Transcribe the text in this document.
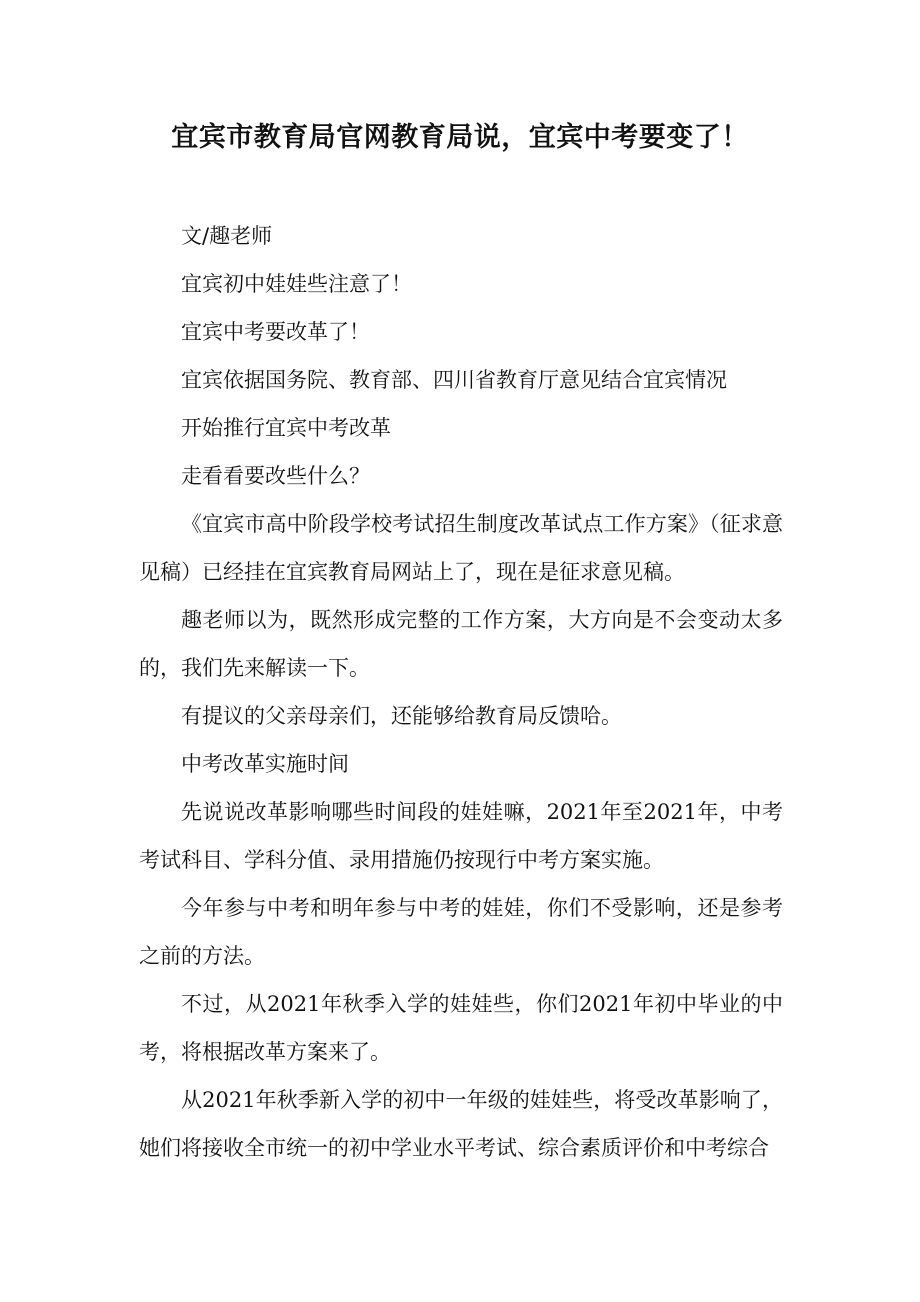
宜宾市教育局官网教育局说，宜宾中考要变了！

文/趣老师

宜宾初中娃娃些注意了！

宜宾中考要改革了！

宜宾依据国务院、教育部、四川省教育厅意见结合宜宾情况

开始推行宜宾中考改革

走看看要改些什么？

《宜宾市高中阶段学校考试招生制度改革试点工作方案》（征求意见稿）已经挂在宜宾教育局网站上了，现在是征求意见稿。

趣老师以为，既然形成完整的工作方案，大方向是不会变动太多的，我们先来解读一下。

有提议的父亲母亲们，还能够给教育局反馈哈。

中考改革实施时间

先说说改革影响哪些时间段的娃娃嘛，2021年至2021年，中考考试科目、学科分值、录用措施仍按现行中考方案实施。

今年参与中考和明年参与中考的娃娃，你们不受影响，还是参考之前的方法。

不过，从2021年秋季入学的娃娃些，你们2021年初中毕业的中考，将根据改革方案来了。

从2021年秋季新入学的初中一年级的娃娃些，将受改革影响了，她们将接收全市统一的初中学业水平考试、综合素质评价和中考综合
